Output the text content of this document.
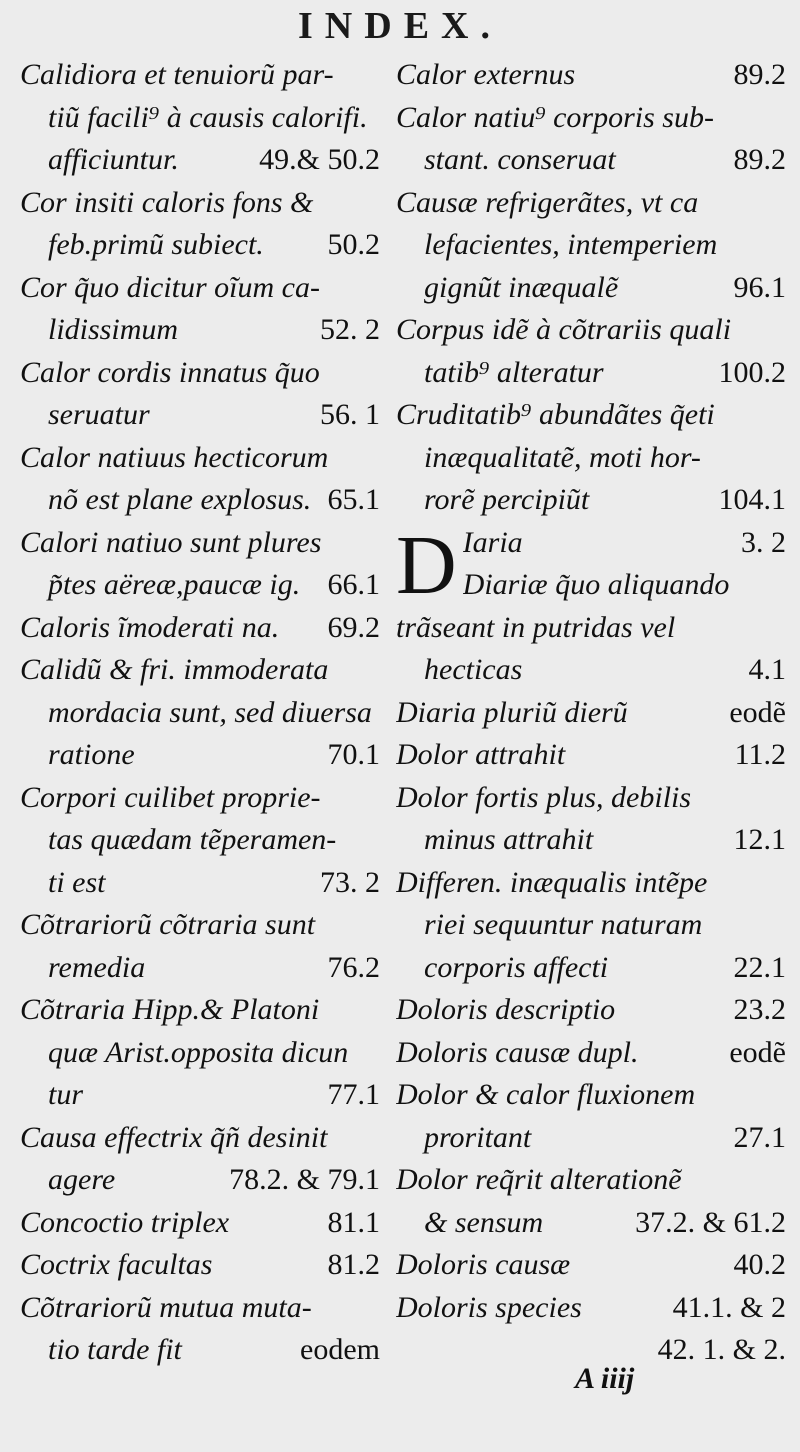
INDEX.
Calidiora et tenuiorũ par-
tiũ facili⁹ à causis calorifi.
afficiuntur.	49.& 50.2
Cor insiti caloris fons &
feb.primũ subiect. 50.2
Cor q̃uo dicitur oĩum ca-
lidissimum	52. 2
Calor cordis innatus q̃uo
seruatur	56. 1
Calor natiuus hecticorum
nõ est plane explosus. 65.1
Calori natiuo sunt plures
p̃tes aëreæ,paucæ ig. 66.1
Caloris ĩmoderati na. 69.2
Calidũ & fri. immoderata
mordacia sunt, sed diuersa
ratione	70.1
Corpori cuilibet proprie-
tas quædam tẽperamen-
ti est	73. 2
Cõtrariorũ cõtraria sunt
remedia	76.2
Cõtraria Hipp.& Platoni
quæ Arist.opposita dicun
tur	77.1
Causa effectrix q̃ñ desinit
agere	78.2. & 79.1
Concoctio triplex	81.1
Coctrix facultas	81.2
Cõtrariorũ mutua muta-
tio tarde fit	eodem
Calor externus	89.2
Calor natiu⁹ corporis sub-
stant. conseruat	89.2
Causæ refrigerãtes, vt ca
lefacientes, intemperiem
gignũt inæqualẽ	96.1
Corpus idẽ à cõtrariis quali
tatib⁹ alteratur	100.2
Cruditatib⁹ abundãtes q̃eti
inæqualitatẽ, moti hor-
rorẽ percipiũt	104.1
D Iaria	3. 2
Diariæ q̃uo aliquando
trãseant in putridas vel
hecticas	4.1
Diaria pluriũ dierũ	eodẽ
Dolor attrahit	11.2
Dolor fortis plus, debilis
minus attrahit	12.1
Differen. inæqualis intẽpe
riei sequuntur naturam
corporis affecti	22.1
Doloris descriptio	23.2
Doloris causæ dupl.	eodẽ
Dolor & calor fluxionem
proritant	27.1
Dolor req̃rit alterationẽ
& sensum	37.2. & 61.2
Doloris causæ	40.2
Doloris species	41.1. & 2
42. 1. & 2.
A iiij
